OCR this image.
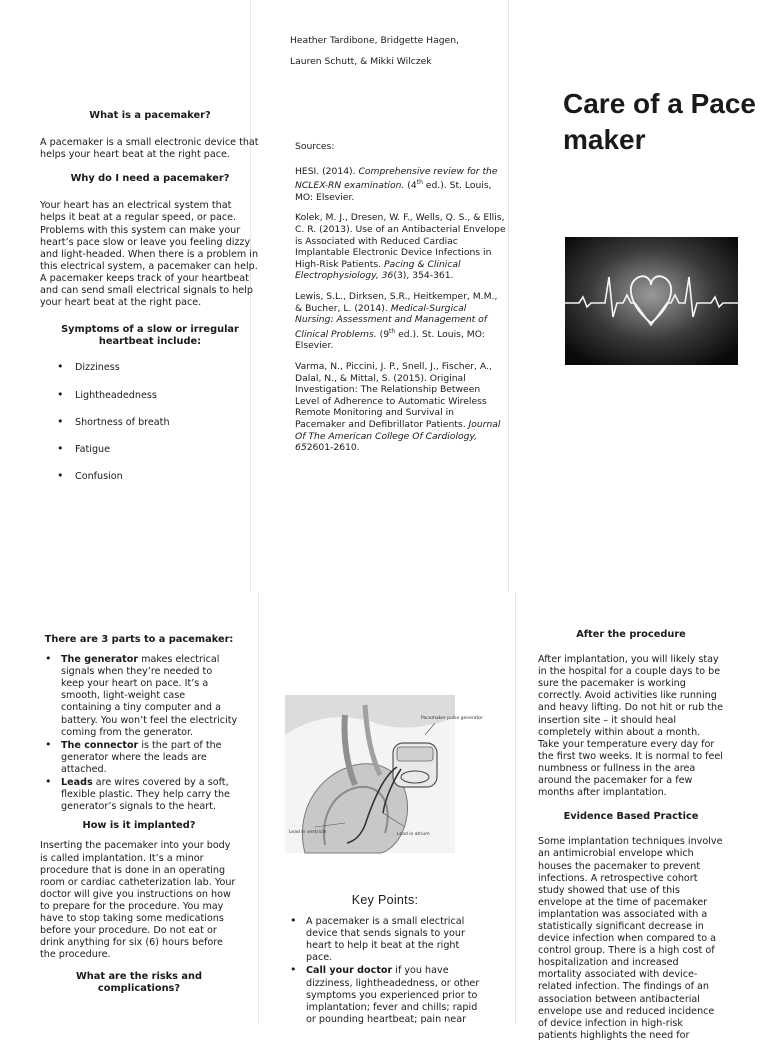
What is a pacemaker?

A pacemaker is a small electronic device that helps your heart beat at the right pace.

Why do I need a pacemaker?

Your heart has an electrical system that helps it beat at a regular speed, or pace. Problems with this system can make your heart’s pace slow or leave you feeling dizzy and light-headed. When there is a problem in this electrical system, a pacemaker can help. A pacemaker keeps track of your heartbeat and can send small electrical signals to help your heart beat at the right pace.

Symptoms of a slow or irregular heartbeat include:
• Dizziness
• Lightheadedness
• Shortness of breath
• Fatigue
• Confusion
Heather Tardibone, Bridgette Hagen,
Lauren Schutt, & Mikki Wilczek

Sources:

HESI. (2014). Comprehensive review for the NCLEX-RN examination. (4th ed.). St. Louis, MO: Elsevier.

Kolek, M. J., Dresen, W. F., Wells, Q. S., & Ellis, C. R. (2013). Use of an Antibacterial Envelope is Associated with Reduced Cardiac Implantable Electronic Device Infections in High-Risk Patients. Pacing & Clinical Electrophysiology, 36(3), 354-361.

Lewis, S.L., Dirksen, S.R., Heitkemper, M.M., & Bucher, L. (2014). Medical-Surgical Nursing: Assessment and Management of Clinical Problems. (9th ed.). St. Louis, MO: Elsevier.

Varma, N., Piccini, J. P., Snell, J., Fischer, A., Dalal, N., & Mittal, S. (2015). Original Investigation: The Relationship Between Level of Adherence to Automatic Wireless Remote Monitoring and Survival in Pacemaker and Defibrillator Patients. Journal Of The American College Of Cardiology, 652601-2610.

Care of a Pacemaker
There are 3 parts to a pacemaker:
• The generator makes electrical signals when they’re needed to keep your heart on pace. It’s a smooth, light-weight case containing a tiny computer and a battery. You won’t feel the electricity coming from the generator.
• The connector is the part of the generator where the leads are attached.
• Leads are wires covered by a soft, flexible plastic. They help carry the generator’s signals to the heart.
How is it implanted?

Inserting the pacemaker into your body is called implantation. It’s a minor procedure that is done in an operating room or cardiac catheterization lab. Your doctor will give you instructions on how to prepare for the procedure. You may have to stop taking some medications before your procedure. Do not eat or drink anything for six (6) hours before the procedure.

What are the risks and complications?
Pacemaker pulse generator
Lead in ventricle	Lead in atrium
Key Points:
• A pacemaker is a small electrical device that sends signals to your heart to help it beat at the right pace.
• Call your doctor if you have dizziness, lightheadedness, or other symptoms you experienced prior to implantation; fever and chills; rapid or pounding heartbeat; pain near
After the procedure

After implantation, you will likely stay in the hospital for a couple days to be sure the pacemaker is working correctly. Avoid activities like running and heavy lifting. Do not hit or rub the insertion site – it should heal completely within about a month. Take your temperature every day for the first two weeks. It is normal to feel numbness or fullness in the area around the pacemaker for a few months after implantation.

Evidence Based Practice

Some implantation techniques involve an antimicrobial envelope which houses the pacemaker to prevent infections. A retrospective cohort study showed that use of this envelope at the time of pacemaker implantation was associated with a statistically significant decrease in device infection when compared to a control group. There is a high cost of hospitalization and increased mortality associated with device-related infection. The findings of an association between antibacterial envelope use and reduced incidence of device infection in high-risk patients highlights the need for
